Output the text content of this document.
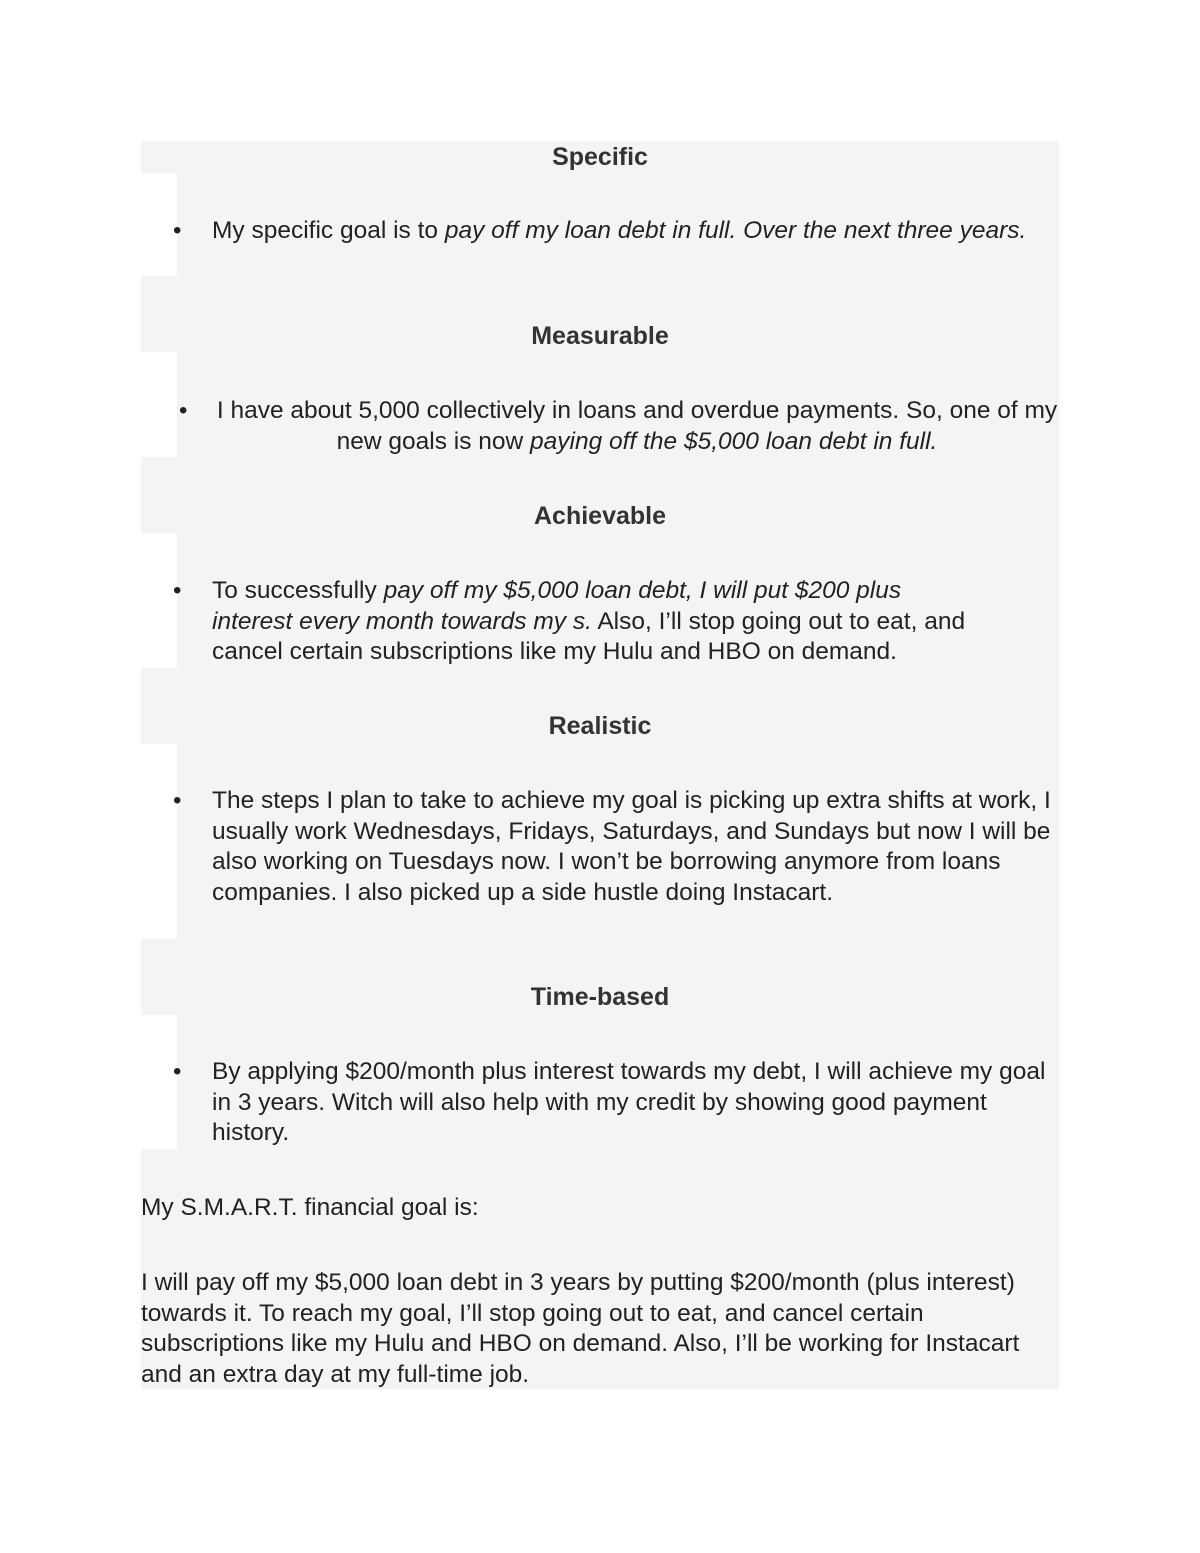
Specific
• My specific goal is to pay off my loan debt in full. Over the next three years.
Measurable
• I have about 5,000 collectively in loans and overdue payments. So, one of my new goals is now paying off the $5,000 loan debt in full.
Achievable
• To successfully pay off my $5,000 loan debt, I will put $200 plus interest every month towards my s. Also, I’ll stop going out to eat, and cancel certain subscriptions like my Hulu and HBO on demand.
Realistic
• The steps I plan to take to achieve my goal is picking up extra shifts at work, I usually work Wednesdays, Fridays, Saturdays, and Sundays but now I will be also working on Tuesdays now. I won’t be borrowing anymore from loans companies. I also picked up a side hustle doing Instacart.
Time-based
• By applying $200/month plus interest towards my debt, I will achieve my goal in 3 years. Witch will also help with my credit by showing good payment history.

My S.M.A.R.T. financial goal is:

I will pay off my $5,000 loan debt in 3 years by putting $200/month (plus interest) towards it. To reach my goal, I’ll stop going out to eat, and cancel certain subscriptions like my Hulu and HBO on demand. Also, I’ll be working for Instacart and an extra day at my full-time job.
